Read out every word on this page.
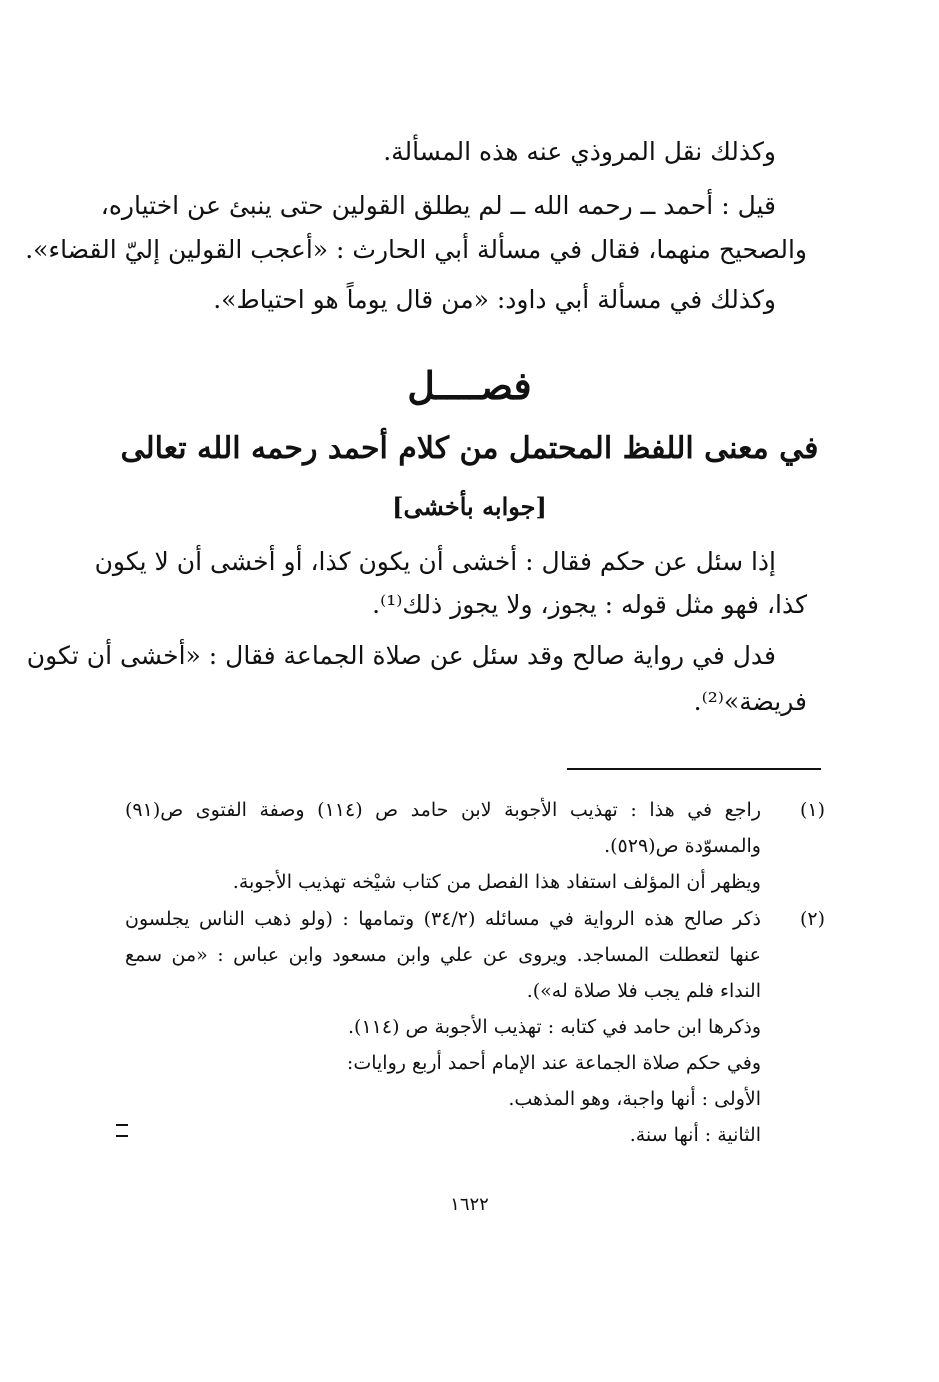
وكذلك نقل المروذي عنه هذه المسألة.
قيل : أحمد ــ رحمه الله ــ لم يطلق القولين حتى ينبئ عن اختياره،
والصحيح منهما، فقال في مسألة أبي الحارث : «أعجب القولين إليّ القضاء».
وكذلك في مسألة أبي داود: «من قال يوماً هو احتياط».
فصــــل
في معنى اللفظ المحتمل من كلام أحمد رحمه الله تعالى
[جوابه بأخشى]
إذا سئل عن حكم فقال : أخشى أن يكون كذا، أو أخشى أن لا يكون
كذا، فهو مثل قوله : يجوز، ولا يجوز ذلك⁽¹⁾.
فدل في رواية صالح وقد سئل عن صلاة الجماعة فقال : «أخشى أن تكون
فريضة»⁽²⁾.
(١)
راجع في هذا : تهذيب الأجوبة لابن حامد ص (١١٤) وصفة الفتوى ص(٩١)
والمسوّدة ص(٥٢٩).
ويظهر أن المؤلف استفاد هذا الفصل من كتاب شيْخه تهذيب الأجوبة.
(٢)
ذكر صالح هذه الرواية في مسائله (٣٤/٢) وتمامها : (ولو ذهب الناس يجلسون
عنها لتعطلت المساجد. ويروى عن علي وابن مسعود وابن عباس : «من سمع
النداء فلم يجب فلا صلاة له»).
وذكرها ابن حامد في كتابه : تهذيب الأجوبة ص (١١٤).
وفي حكم صلاة الجماعة عند الإمام أحمد أربع روايات:
الأولى : أنها واجبة، وهو المذهب.
الثانية : أنها سنة.
١٦٢٢
